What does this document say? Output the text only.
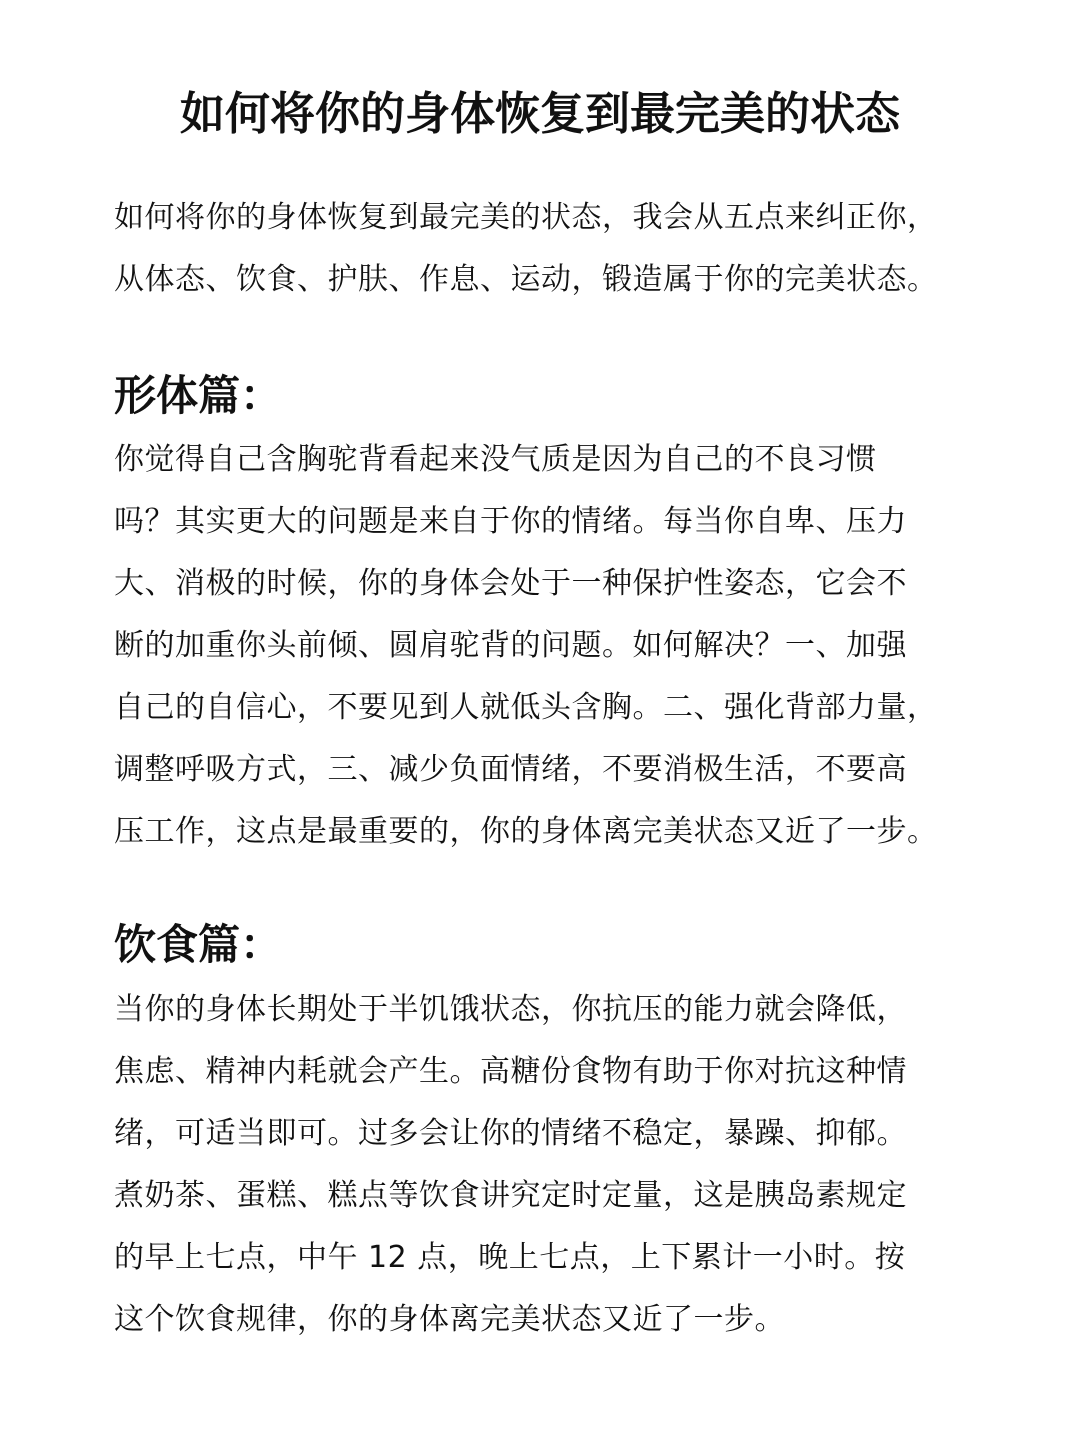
如何将你的身体恢复到最完美的状态
如何将你的身体恢复到最完美的状态，我会从五点来纠正你，
从体态、饮食、护肤、作息、运动，锻造属于你的完美状态。
形体篇：
你觉得自己含胸驼背看起来没气质是因为自己的不良习惯
吗？其实更大的问题是来自于你的情绪。每当你自卑、压力
大、消极的时候，你的身体会处于一种保护性姿态，它会不
断的加重你头前倾、圆肩驼背的问题。如何解决？一、加强
自己的自信心，不要见到人就低头含胸。二、强化背部力量，
调整呼吸方式，三、减少负面情绪，不要消极生活，不要高
压工作，这点是最重要的，你的身体离完美状态又近了一步。
饮食篇：
当你的身体长期处于半饥饿状态，你抗压的能力就会降低，
焦虑、精神内耗就会产生。高糖份食物有助于你对抗这种情
绪，可适当即可。过多会让你的情绪不稳定，暴躁、抑郁。
煮奶茶、蛋糕、糕点等饮食讲究定时定量，这是胰岛素规定
的早上七点，中午 12 点，晚上七点，上下累计一小时。按
这个饮食规律，你的身体离完美状态又近了一步。
